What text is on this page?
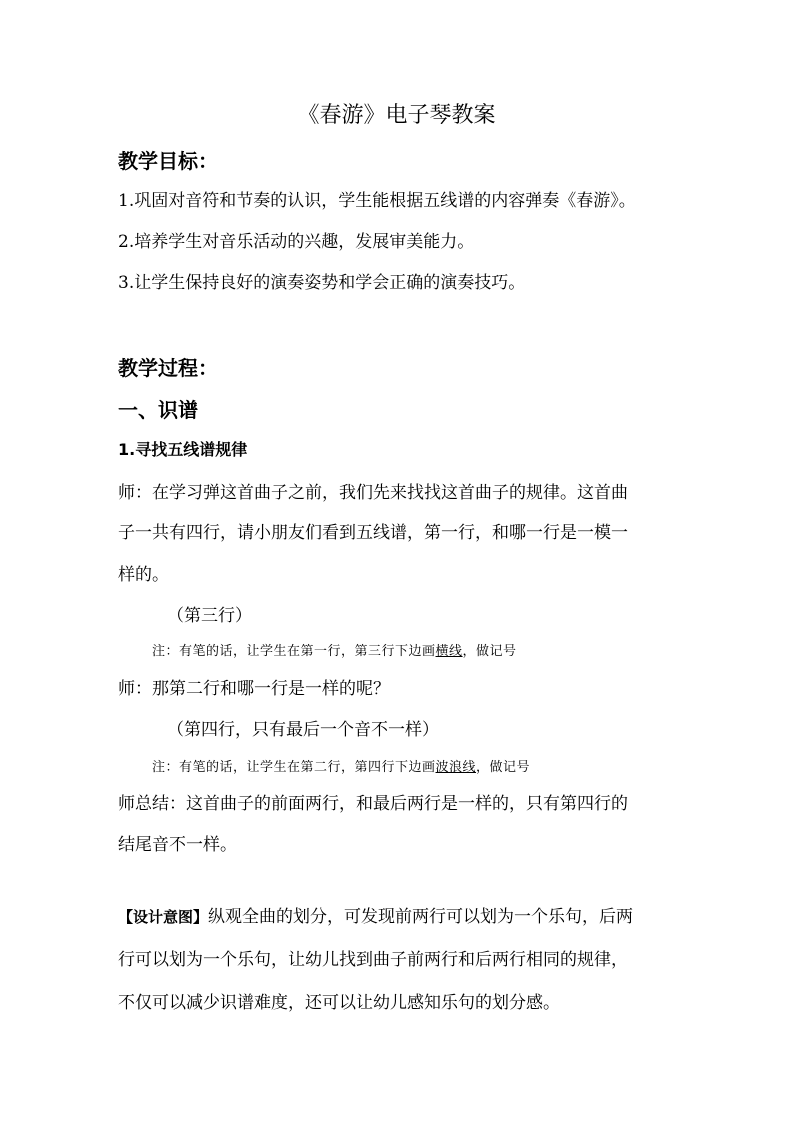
《春游》电子琴教案
教学目标：
1.巩固对音符和节奏的认识，学生能根据五线谱的内容弹奏《春游》。
2.培养学生对音乐活动的兴趣，发展审美能力。
3.让学生保持良好的演奏姿势和学会正确的演奏技巧。
教学过程：
一、识谱
1.寻找五线谱规律
师：在学习弹这首曲子之前，我们先来找找这首曲子的规律。这首曲
子一共有四行，请小朋友们看到五线谱，第一行，和哪一行是一模一
样的。
（第三行）
注：有笔的话，让学生在第一行，第三行下边画横线，做记号
师：那第二行和哪一行是一样的呢？
（第四行，只有最后一个音不一样）
注：有笔的话，让学生在第二行，第四行下边画波浪线，做记号
师总结：这首曲子的前面两行，和最后两行是一样的，只有第四行的
结尾音不一样。
【设计意图】纵观全曲的划分，可发现前两行可以划为一个乐句，后两
行可以划为一个乐句，让幼儿找到曲子前两行和后两行相同的规律，
不仅可以减少识谱难度，还可以让幼儿感知乐句的划分感。
